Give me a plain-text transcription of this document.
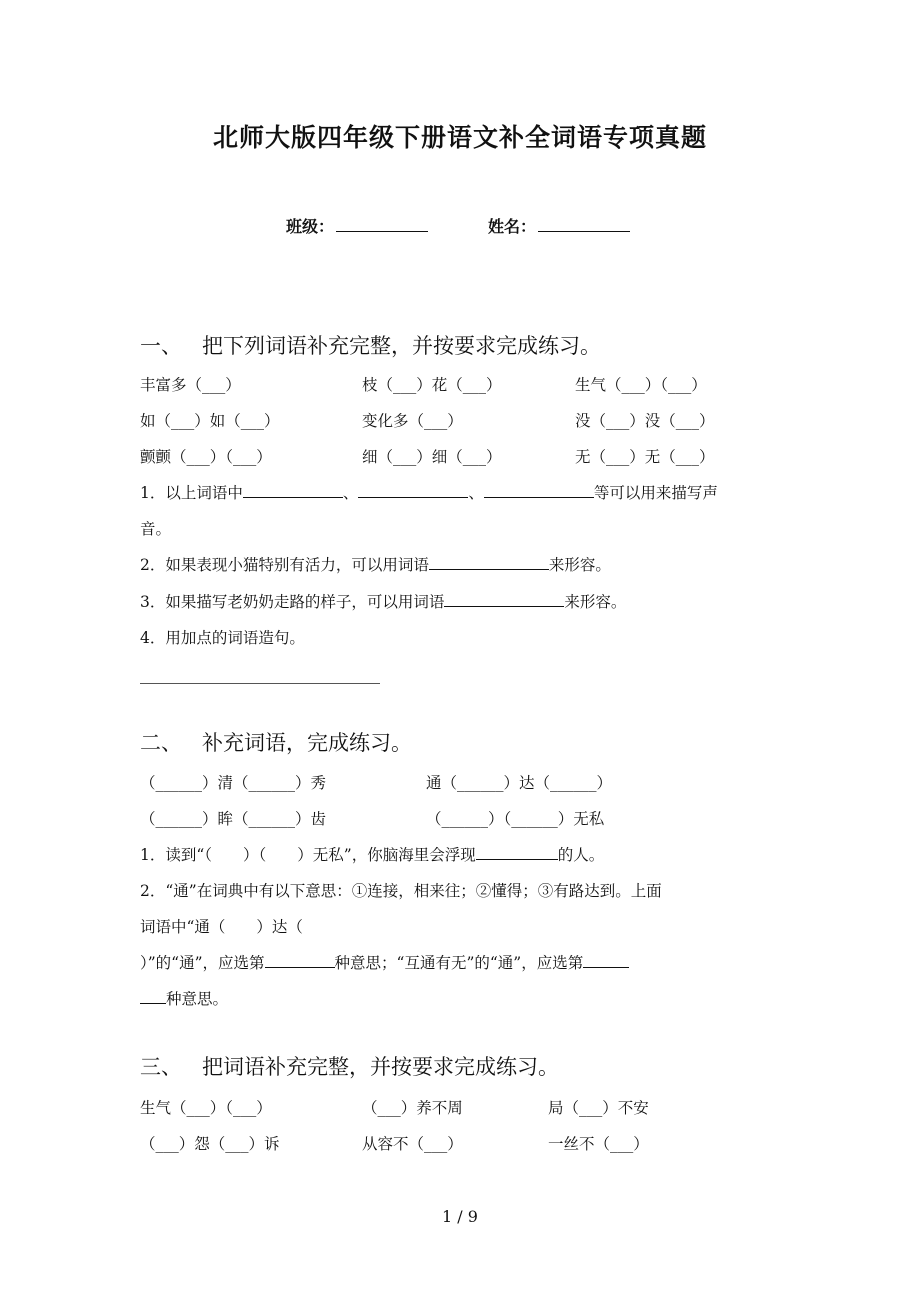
北师大版四年级下册语文补全词语专项真题
班级：	姓名：
一、 把下列词语补充完整，并按要求完成练习。
丰富多（___）	枝（___）花（___）	生气（___）（___）
如（___）如（___）	变化多（___）	没（___）没（___）
颤颤（___）（___）	细（___）细（___）	无（___）无（___）
1．以上词语中	、	、	等可以用来描写声
音。
2．如果表现小猫特别有活力，可以用词语	来形容。
3．如果描写老奶奶走路的样子，可以用词语	来形容。
4．用加点的词语造句。
二、 补充词语，完成练习。
（______）清（______）秀	通（______）达（______）
（______）眸（______）齿	（______）（______）无私
1．读到“（　　）（　　）无私”，你脑海里会浮现	的人。
2．“通”在词典中有以下意思：①连接，相来往；②懂得；③有路达到。上面
词语中“通（　　）达（
）”的“通”，应选第	种意思；“互通有无”的“通”，应选第
种意思。
三、 把词语补充完整，并按要求完成练习。
生气（___）（___）	（___）养不周	局（___）不安
（___）怨（___）诉	从容不（___）	一丝不（___）
1 / 9
